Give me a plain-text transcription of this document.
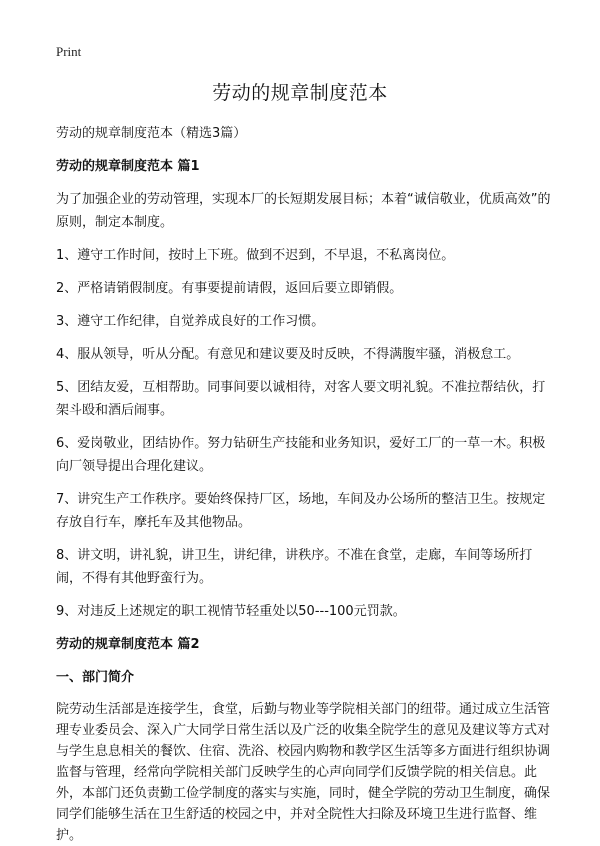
Print
劳动的规章制度范本

劳动的规章制度范本（精选3篇）

劳动的规章制度范本 篇1

为了加强企业的劳动管理，实现本厂的长短期发展目标；本着“诚信敬业，优质高效”的原则，制定本制度。

1、遵守工作时间，按时上下班。做到不迟到，不早退，不私离岗位。

2、严格请销假制度。有事要提前请假，返回后要立即销假。

3、遵守工作纪律，自觉养成良好的工作习惯。

4、服从领导，听从分配。有意见和建议要及时反映，不得满腹牢骚，消极怠工。

5、团结友爱，互相帮助。同事间要以诚相待，对客人要文明礼貌。不准拉帮结伙，打架斗殴和酒后闹事。

6、爱岗敬业，团结协作。努力钻研生产技能和业务知识，爱好工厂的一草一木。积极向厂领导提出合理化建议。

7、讲究生产工作秩序。要始终保持厂区，场地，车间及办公场所的整洁卫生。按规定存放自行车，摩托车及其他物品。

8、讲文明，讲礼貌，讲卫生，讲纪律，讲秩序。不准在食堂，走廊，车间等场所打闹，不得有其他野蛮行为。

9、对违反上述规定的职工视情节轻重处以50---100元罚款。

劳动的规章制度范本 篇2

一、部门简介

院劳动生活部是连接学生，食堂，后勤与物业等学院相关部门的纽带。通过成立生活管理专业委员会、深入广大同学日常生活以及广泛的收集全院学生的意见及建议等方式对与学生息息相关的餐饮、住宿、洗浴、校园内购物和教学区生活等多方面进行组织协调监督与管理，经常向学院相关部门反映学生的心声向同学们反馈学院的相关信息。此外，本部门还负责勤工俭学制度的落实与实施，同时，健全学院的劳动卫生制度，确保同学们能够生活在卫生舒适的校园之中，并对全院性大扫除及环境卫生进行监督、维护。
